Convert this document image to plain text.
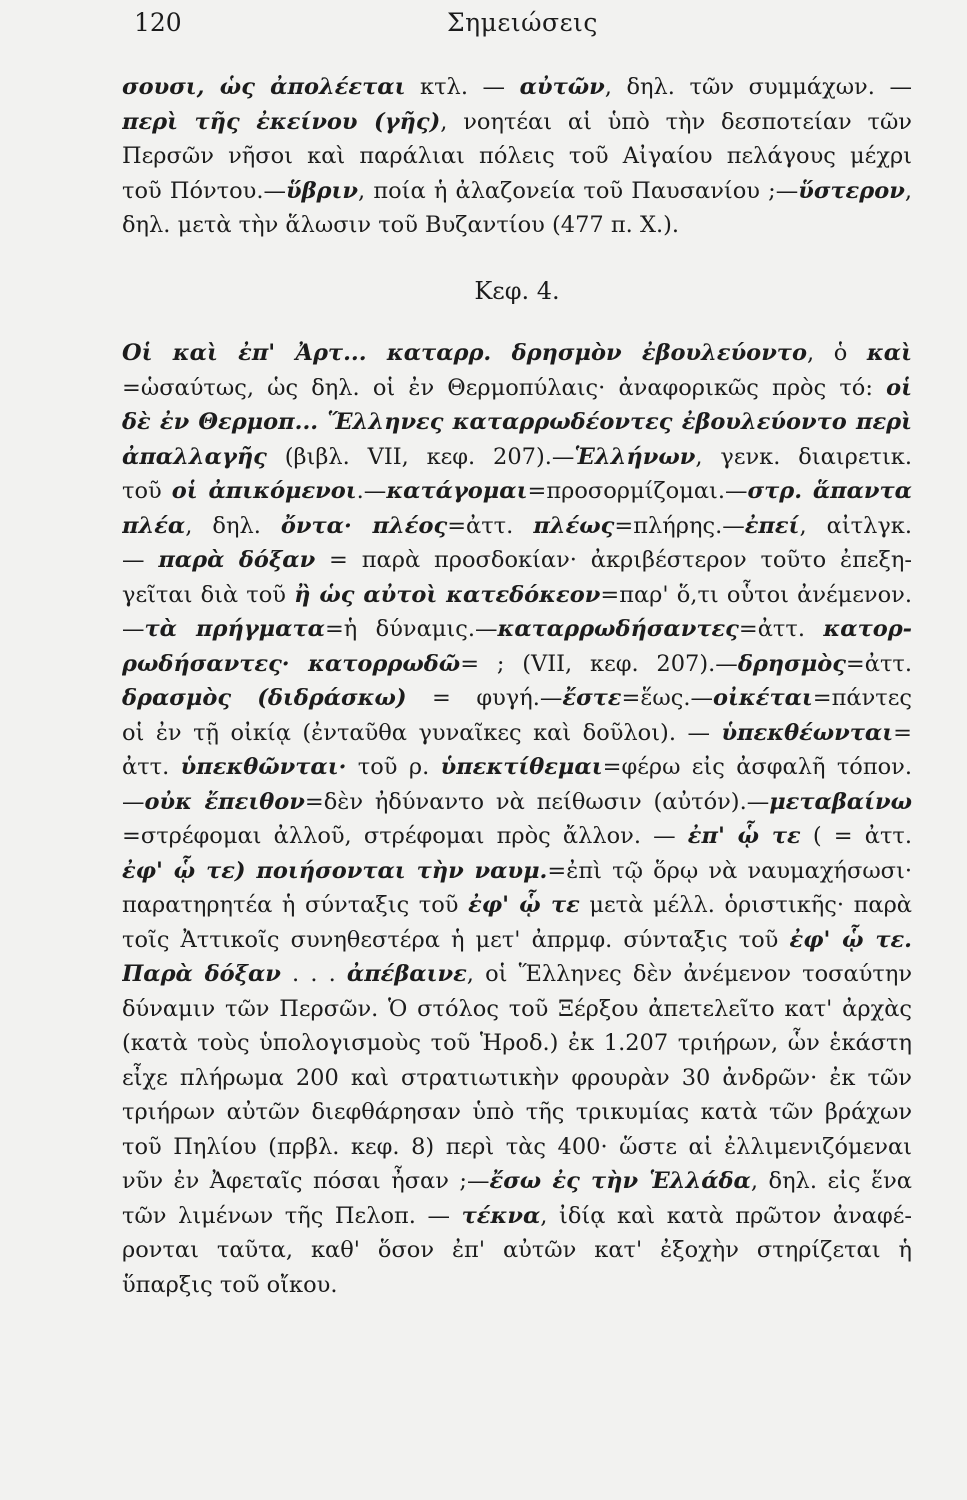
120	Σημειώσεις
σουσι, ὡς ἀπολέεται κτλ. — αὐτῶν, δηλ. τῶν συμμάχων. —
περὶ τῆς ἐκείνου (γῆς), νοητέαι αἱ ὑπὸ τὴν δεσποτείαν τῶν
Περσῶν νῆσοι καὶ παράλιαι πόλεις τοῦ Αἰγαίου πελάγους μέχρι
τοῦ Πόντου.—ὕβριν, ποία ἡ ἀλαζονεία τοῦ Παυσανίου ;—ὕστερον,
δηλ. μετὰ τὴν ἅλωσιν τοῦ Βυζαντίου (477 π. Χ.).
Κεφ. 4.
Οἱ καὶ ἐπ' Ἀρτ... καταρρ. δρησμὸν ἐβουλεύοντο, ὁ καὶ
=ὡσαύτως, ὡς δηλ. οἱ ἐν Θερμοπύλαις· ἀναφορικῶς πρὸς τό: οἱ
δὲ ἐν Θερμοπ... Ἕλληνες καταρρωδέοντες ἐβουλεύοντο περὶ
ἀπαλλαγῆς (βιβλ. VII, κεφ. 207).—Ἑλλήνων, γενκ. διαιρετικ.
τοῦ οἱ ἀπικόμενοι.—κατάγομαι=προσορμίζομαι.—στρ. ἅπαντα
πλέα, δηλ. ὄντα· πλέος=ἀττ. πλέως=πλήρης.—ἐπεί, αἰτλγκ.
— παρὰ δόξαν = παρὰ προσδοκίαν· ἀκριβέστερον τοῦτο ἐπεξη-
γεῖται διὰ τοῦ ἢ ὡς αὐτοὶ κατεδόκεον=παρ' ὅ,τι οὗτοι ἀνέμενον.
—τὰ πρήγματα=ἡ δύναμις.—καταρρωδήσαντες=ἀττ. κατορ-
ρωδήσαντες· κατορρωδῶ= ; (VII, κεφ. 207).—δρησμὸς=ἀττ.
δρασμὸς (διδράσκω) = φυγή.—ἔστε=ἕως.—οἰκέται=πάντες
οἱ ἐν τῇ οἰκίᾳ (ἐνταῦθα γυναῖκες καὶ δοῦλοι). — ὑπεκθέωνται=
ἀττ. ὑπεκθῶνται· τοῦ ρ. ὑπεκτίθεμαι=φέρω εἰς ἀσφαλῆ τόπον.
—οὐκ ἔπειθον=δὲν ἠδύναντο νὰ πείθωσιν (αὐτόν).—μεταβαίνω
=στρέφομαι ἀλλοῦ, στρέφομαι πρὸς ἄλλον. — ἐπ' ᾧ τε ( = ἀττ.
ἐφ' ᾧ τε) ποιήσονται τὴν ναυμ.=ἐπὶ τῷ ὅρῳ νὰ ναυμαχήσωσι·
παρατηρητέα ἡ σύνταξις τοῦ ἐφ' ᾧ τε μετὰ μέλλ. ὁριστικῆς· παρὰ
τοῖς Ἀττικοῖς συνηθεστέρα ἡ μετ' ἀπρμφ. σύνταξις τοῦ ἐφ' ᾧ τε.
Παρὰ δόξαν . . . ἀπέβαινε, οἱ Ἕλληνες δὲν ἀνέμενον τοσαύτην
δύναμιν τῶν Περσῶν. Ὁ στόλος τοῦ Ξέρξου ἀπετελεῖτο κατ' ἀρχὰς
(κατὰ τοὺς ὑπολογισμοὺς τοῦ Ἡροδ.) ἐκ 1.207 τριήρων, ὧν ἑκάστη
εἶχε πλήρωμα 200 καὶ στρατιωτικὴν φρουρὰν 30 ἀνδρῶν· ἐκ τῶν
τριήρων αὐτῶν διεφθάρησαν ὑπὸ τῆς τρικυμίας κατὰ τῶν βράχων
τοῦ Πηλίου (πρβλ. κεφ. 8) περὶ τὰς 400· ὥστε αἱ ἐλλιμενιζόμεναι
νῦν ἐν Ἀφεταῖς πόσαι ἦσαν ;—ἔσω ἐς τὴν Ἑλλάδα, δηλ. εἰς ἕνα
τῶν λιμένων τῆς Πελοπ. — τέκνα, ἰδίᾳ καὶ κατὰ πρῶτον ἀναφέ-
ρονται ταῦτα, καθ' ὅσον ἐπ' αὐτῶν κατ' ἐξοχὴν στηρίζεται ἡ
ὕπαρξις τοῦ οἴκου.
